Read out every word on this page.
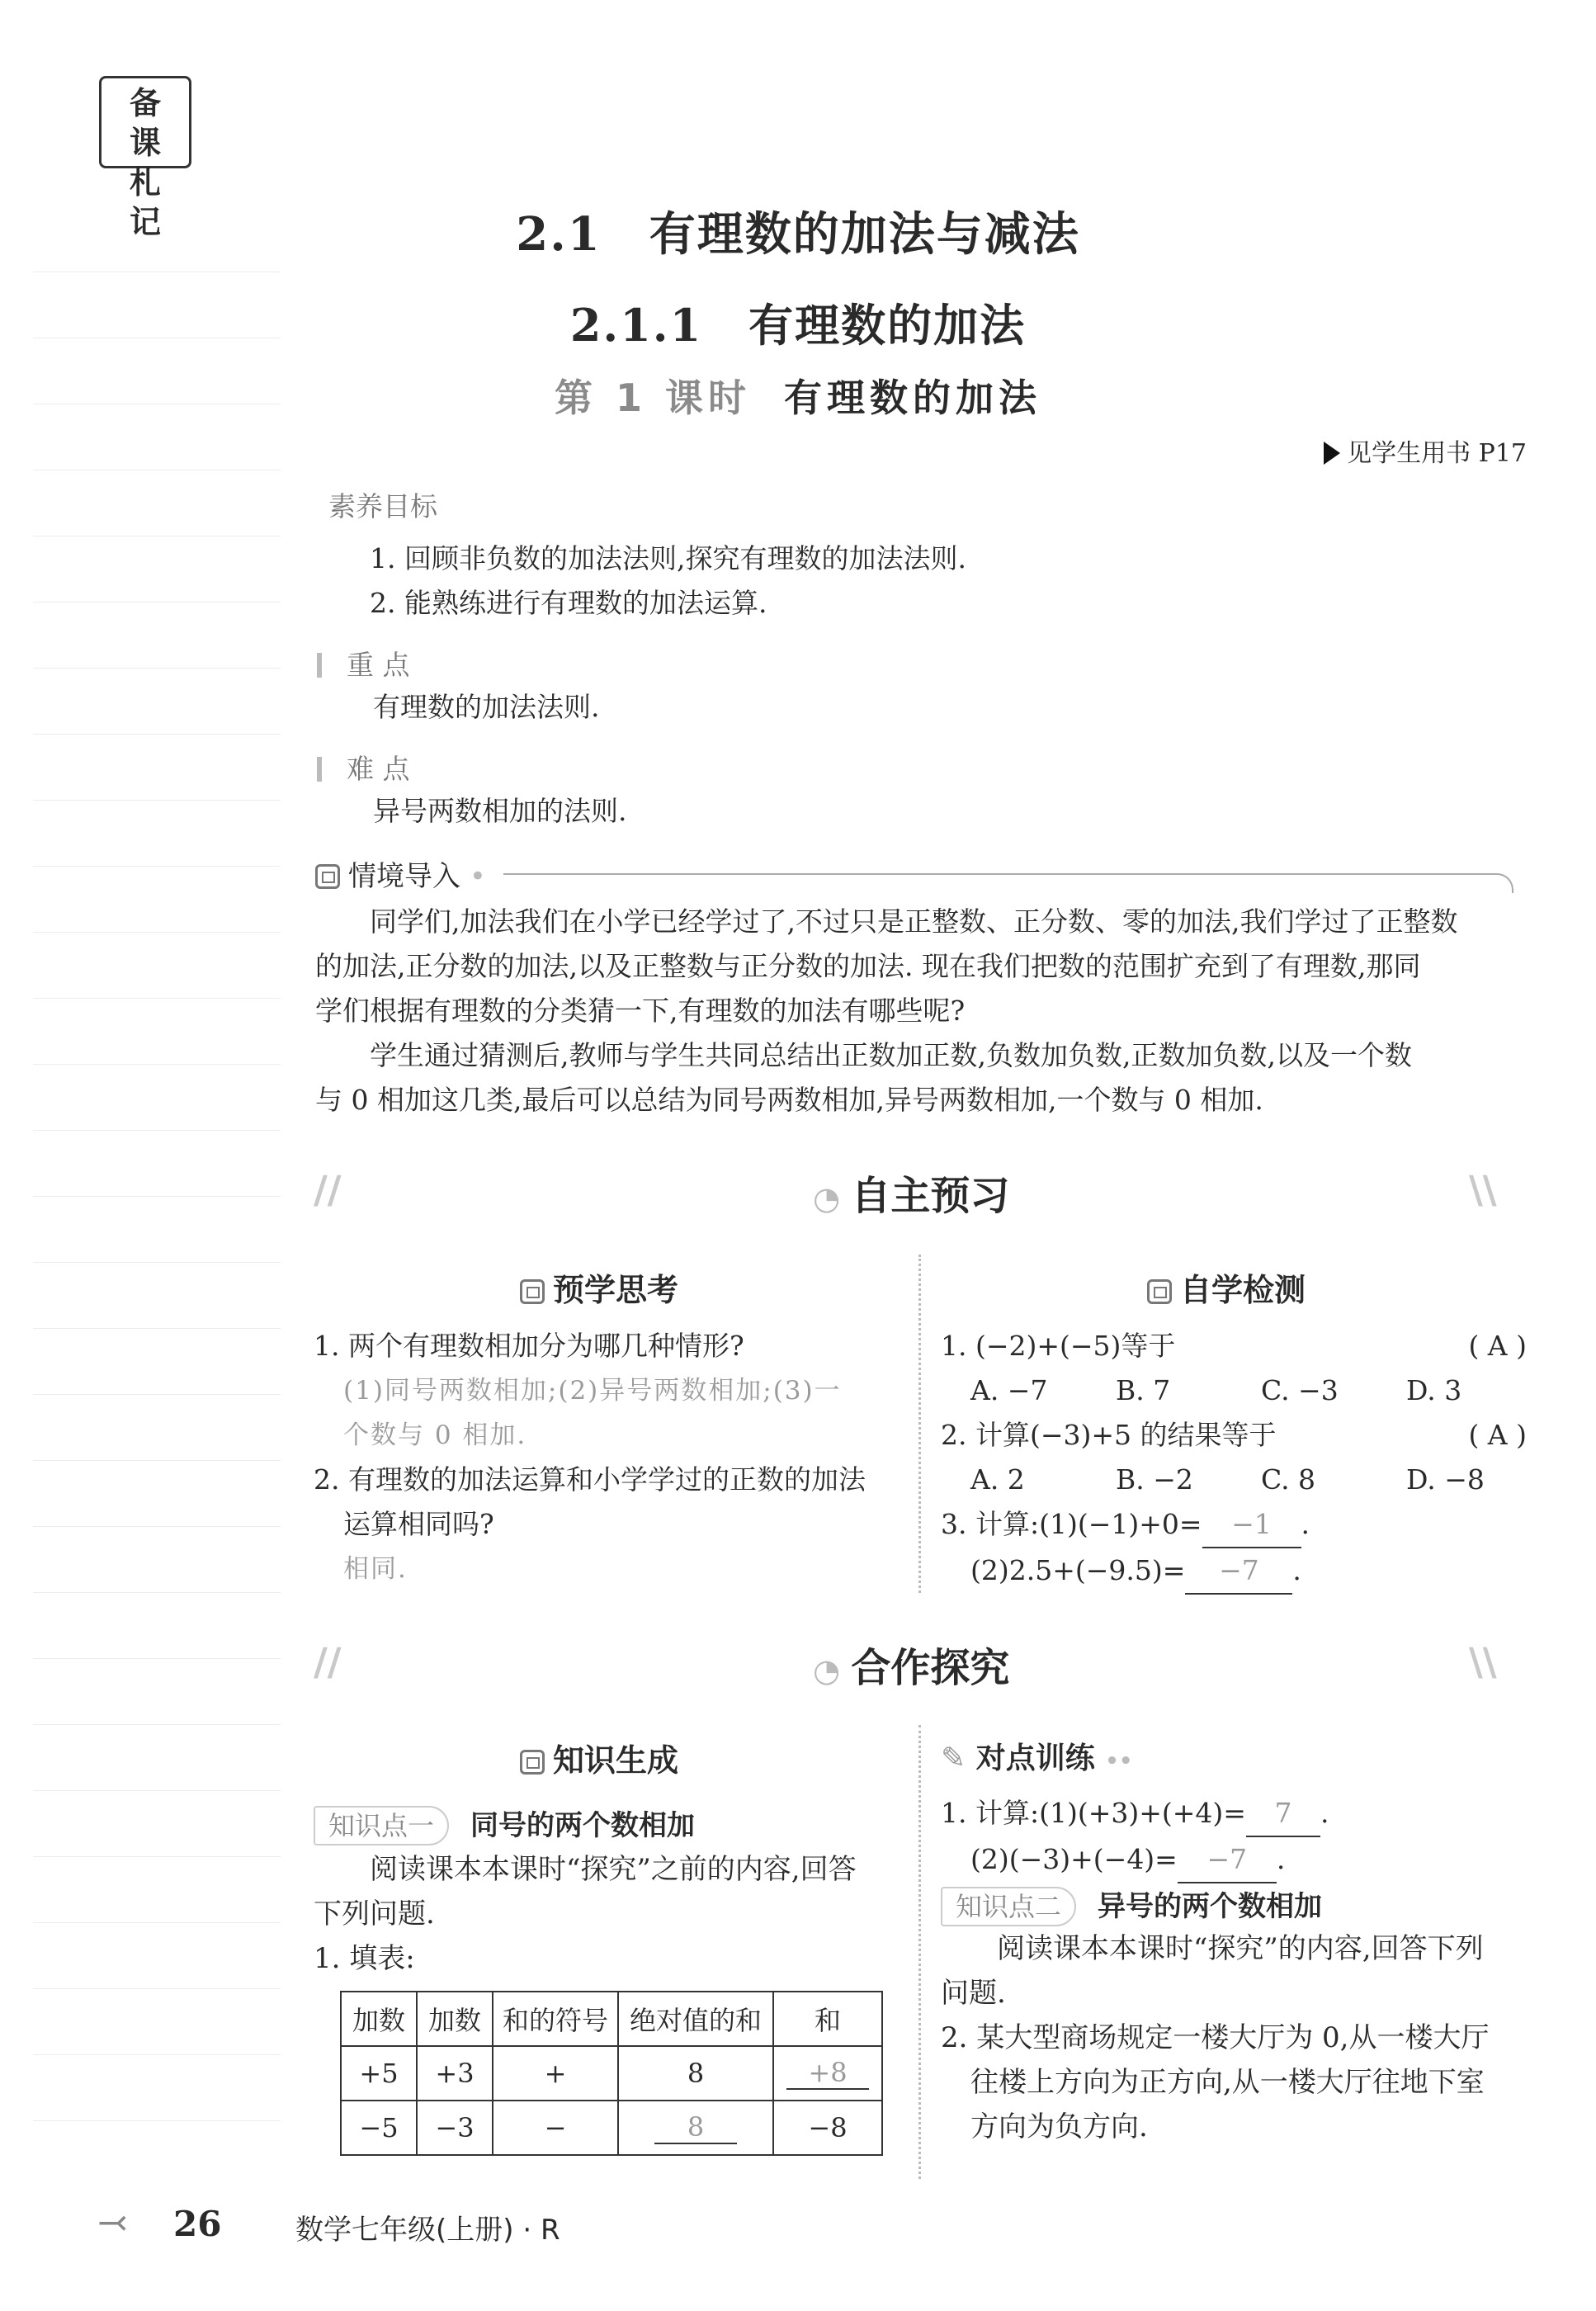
备
课
札
记	2.1　有理数的加法与减法
2.1.1　有理数的加法
第 1 课时 有理数的加法
见学生用书 P17
素养目标
1. 回顾非负数的加法法则,探究有理数的加法法则.
2. 能熟练进行有理数的加法运算.
重 点
有理数的加法法则.
难 点
异号两数相加的法则.
情境导入 •
　　同学们,加法我们在小学已经学过了,不过只是正整数、正分数、零的加法,我们学过了正整数
的加法,正分数的加法,以及正整数与正分数的加法. 现在我们把数的范围扩充到了有理数,那同
学们根据有理数的分类猜一下,有理数的加法有哪些呢?
　　学生通过猜测后,教师与学生共同总结出正数加正数,负数加负数,正数加负数,以及一个数
与 0 相加这几类,最后可以总结为同号两数相加,异号两数相加,一个数与 0 相加.
//	\\
◔ 自主预习
预学思考	自学检测
1. 两个有理数相加分为哪几种情形?
(1)同号两数相加;(2)异号两数相加;(3)一
个数与 0 相加.
2. 有理数的加法运算和小学学过的正数的加法
运算相同吗?
相同.
1. (−2)+(−5)等于	( A )
A. −7	B. 7	C. −3	D. 3
2. 计算(−3)+5 的结果等于	( A )
A. 2	B. −2	C. 8	D. −8
3. 计算:(1)(−1)+0= −1 .
(2)2.5+(−9.5)= −7 .
//	\\
◔ 合作探究
知识生成	✎ 对点训练 ••
知识点一 同号的两个数相加
　　阅读课本本课时“探究”之前的内容,回答
下列问题.
1. 填表:
加数	加数	和的符号	绝对值的和	和
+5	+3	+	8	+8
−5	−3	−	8	−8
1. 计算:(1)(+3)+(+4)= 7 .
(2)(−3)+(−4)= −7 .
知识点二 异号的两个数相加
　　阅读课本本课时“探究”的内容,回答下列
问题.
2. 某大型商场规定一楼大厅为 0,从一楼大厅
往楼上方向为正方向,从一楼大厅往地下室
方向为负方向.
⤙ 26	数学七年级(上册) · R
